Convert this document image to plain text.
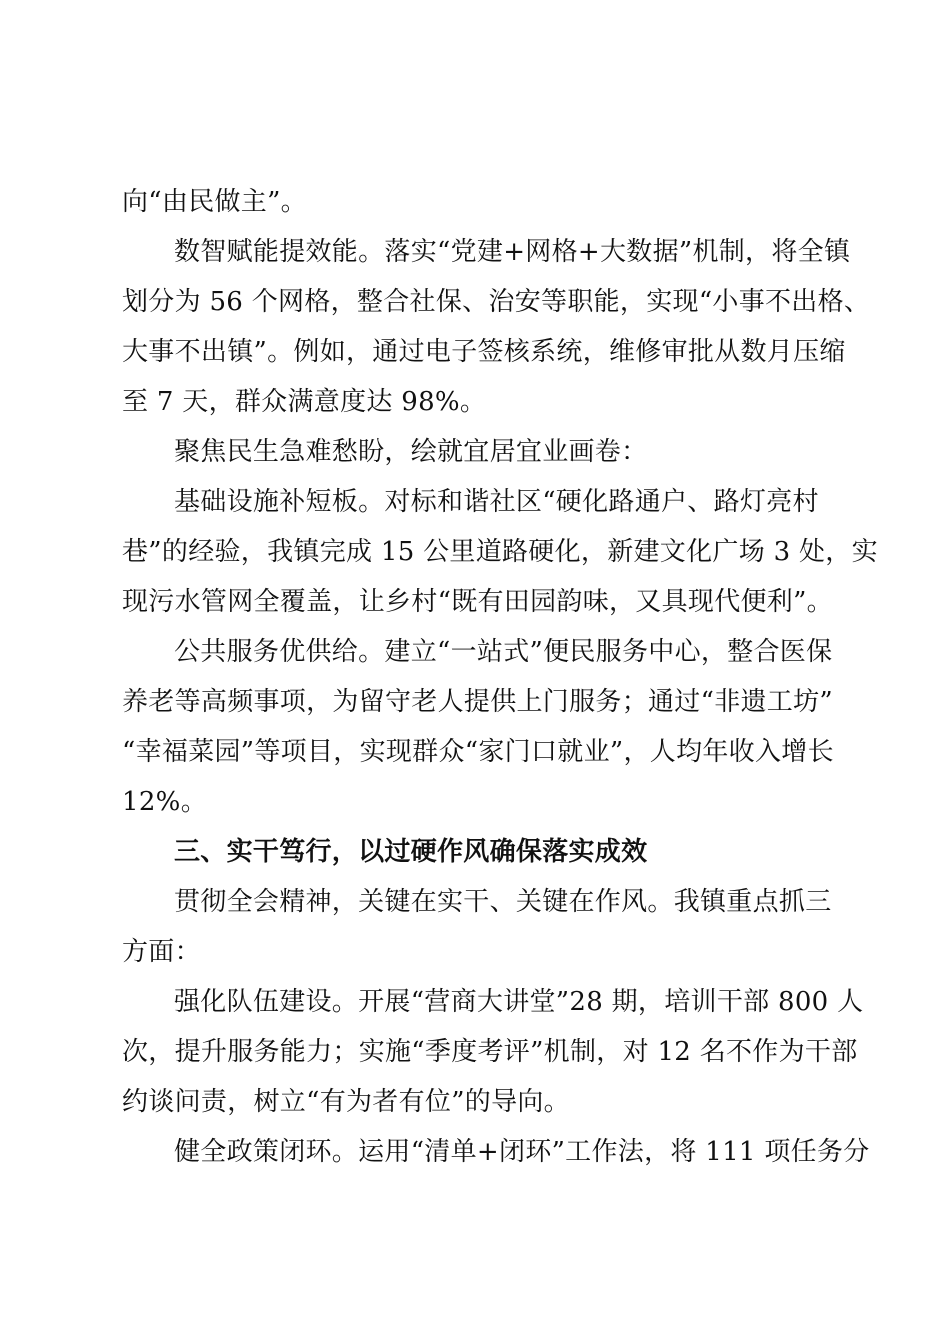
向“由民做主”。
数智赋能提效能。落实“党建+网格+大数据”机制，将全镇
划分为 56 个网格，整合社保、治安等职能，实现“小事不出格、
大事不出镇”。例如，通过电子签核系统，维修审批从数月压缩
至 7 天，群众满意度达 98%。
聚焦民生急难愁盼，绘就宜居宜业画卷：
基础设施补短板。对标和谐社区“硬化路通户、路灯亮村
巷”的经验，我镇完成 15 公里道路硬化，新建文化广场 3 处，实
现污水管网全覆盖，让乡村“既有田园韵味，又具现代便利”。
公共服务优供给。建立“一站式”便民服务中心，整合医保
养老等高频事项，为留守老人提供上门服务；通过“非遗工坊”
“幸福菜园”等项目，实现群众“家门口就业”，人均年收入增长
12%。
三、实干笃行，以过硬作风确保落实成效
贯彻全会精神，关键在实干、关键在作风。我镇重点抓三
方面：
强化队伍建设。开展“营商大讲堂”28 期，培训干部 800 人
次，提升服务能力；实施“季度考评”机制，对 12 名不作为干部
约谈问责，树立“有为者有位”的导向。
健全政策闭环。运用“清单+闭环”工作法，将 111 项任务分
